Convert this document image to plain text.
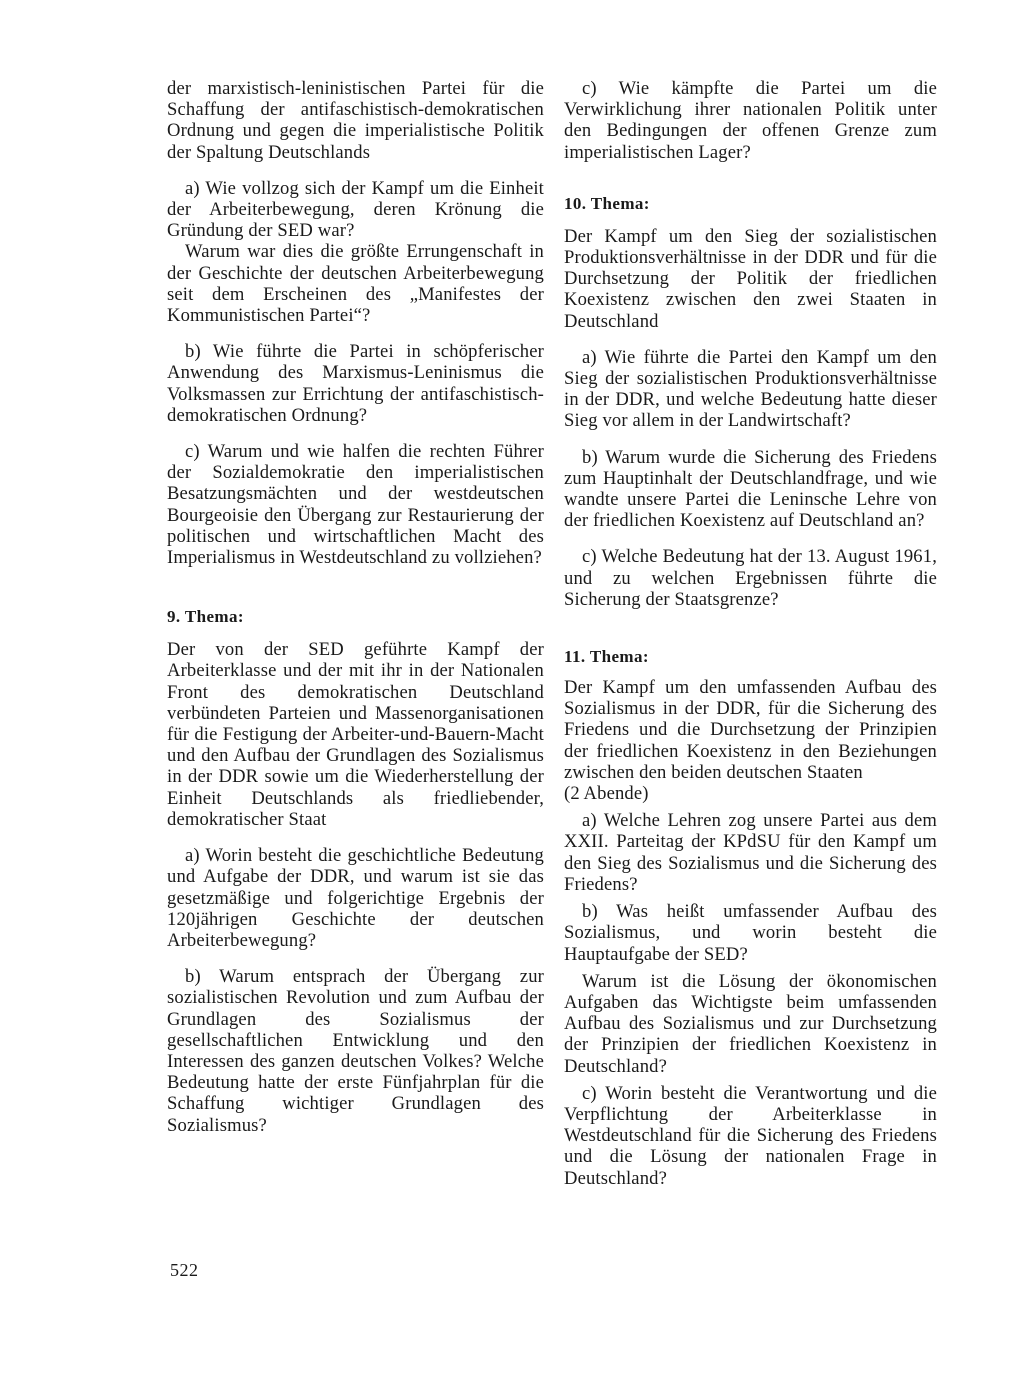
der marxistisch-leninistischen Partei für die Schaffung der antifaschistisch-demokratischen Ordnung und gegen die imperialistische Politik der Spaltung Deutschlands

a) Wie vollzog sich der Kampf um die Einheit der Arbeiterbewegung, deren Krönung die Gründung der SED war?

Warum war dies die größte Errungenschaft in der Geschichte der deutschen Arbeiterbewegung seit dem Erscheinen des „Manifestes der Kommunistischen Partei“?

b) Wie führte die Partei in schöpferischer Anwendung des Marxismus-Leninismus die Volksmassen zur Errichtung der antifaschistisch-demokratischen Ordnung?

c) Warum und wie halfen die rechten Führer der Sozialdemokratie den imperialistischen Besatzungsmächten und der westdeutschen Bourgeoisie den Übergang zur Restaurierung der politischen und wirtschaftlichen Macht des Imperialismus in Westdeutschland zu vollziehen?

9. Thema:

Der von der SED geführte Kampf der Arbeiterklasse und der mit ihr in der Nationalen Front des demokratischen Deutschland verbündeten Parteien und Massenorganisationen für die Festigung der Arbeiter-und-Bauern-Macht und den Aufbau der Grundlagen des Sozialismus in der DDR sowie um die Wiederherstellung der Einheit Deutschlands als friedliebender, demokratischer Staat

a) Worin besteht die geschichtliche Bedeutung und Aufgabe der DDR, und warum ist sie das gesetzmäßige und folgerichtige Ergebnis der 120jährigen Geschichte der deutschen Arbeiterbewegung?

b) Warum entsprach der Übergang zur sozialistischen Revolution und zum Aufbau der Grundlagen des Sozialismus der gesellschaftlichen Entwicklung und den Interessen des ganzen deutschen Volkes? Welche Bedeutung hatte der erste Fünfjahrplan für die Schaffung wichtiger Grundlagen des Sozialismus?

c) Wie kämpfte die Partei um die Verwirklichung ihrer nationalen Politik unter den Bedingungen der offenen Grenze zum imperialistischen Lager?

10. Thema:

Der Kampf um den Sieg der sozialistischen Produktionsverhältnisse in der DDR und für die Durchsetzung der Politik der friedlichen Koexistenz zwischen den zwei Staaten in Deutschland

a) Wie führte die Partei den Kampf um den Sieg der sozialistischen Produktionsverhältnisse in der DDR, und welche Bedeutung hatte dieser Sieg vor allem in der Landwirtschaft?

b) Warum wurde die Sicherung des Friedens zum Hauptinhalt der Deutschlandfrage, und wie wandte unsere Partei die Leninsche Lehre von der friedlichen Koexistenz auf Deutschland an?

c) Welche Bedeutung hat der 13. August 1961, und zu welchen Ergebnissen führte die Sicherung der Staatsgrenze?

11. Thema:

Der Kampf um den umfassenden Aufbau des Sozialismus in der DDR, für die Sicherung des Friedens und die Durchsetzung der Prinzipien der friedlichen Koexistenz in den Beziehungen zwischen den beiden deutschen Staaten

(2 Abende)

a) Welche Lehren zog unsere Partei aus dem XXII. Parteitag der KPdSU für den Kampf um den Sieg des Sozialismus und die Sicherung des Friedens?

b) Was heißt umfassender Aufbau des Sozialismus, und worin besteht die Hauptaufgabe der SED?

Warum ist die Lösung der ökonomischen Aufgaben das Wichtigste beim umfassenden Aufbau des Sozialismus und zur Durchsetzung der Prinzipien der friedlichen Koexistenz in Deutschland?

c) Worin besteht die Verantwortung und die Verpflichtung der Arbeiterklasse in Westdeutschland für die Sicherung des Friedens und die Lösung der nationalen Frage in Deutschland?

522
